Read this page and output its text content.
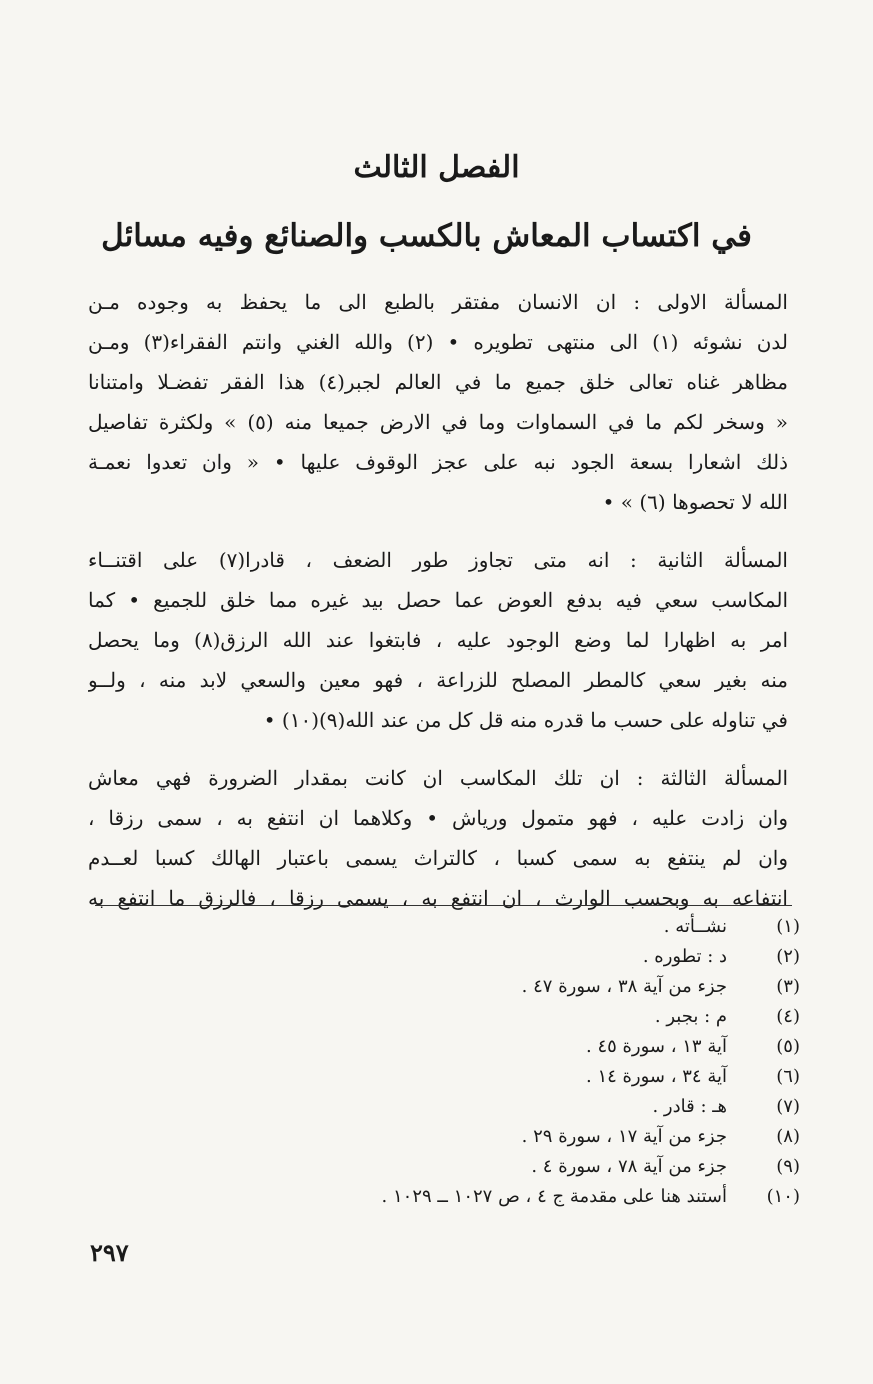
الفصل الثالث
في اكتساب المعاش بالكسب والصنائع وفيه مسائل

المسألة الاولى : ان الانسان مفتقر بالطبع الى ما يحفظ به وجوده مـن
لدن نشوئه (١) الى منتهى تطويره • (٢) والله الغني وانتم الفقراء(٣) ومـن
مظاهر غناه تعالى خلق جميع ما في العالم لجبر(٤) هذا الفقر تفضـلا وامتنانا
« وسخر لكم ما في السماوات وما في الارض جميعا منه (٥) » ولكثرة تفاصيل
ذلك اشعارا بسعة الجود نبه على عجز الوقوف عليها • « وان تعدوا نعمـة
الله لا تحصوها (٦) » •

المسألة الثانية : انه متى تجاوز طور الضعف ، قادرا(٧) على اقتنــاء
المكاسب سعي فيه بدفع العوض عما حصل بيد غيره مما خلق للجميع • كما
امر به اظهارا لما وضع الوجود عليه ، فابتغوا عند الله الرزق(٨) وما يحصل
منه بغير سعي كالمطر المصلح للزراعة ، فهو معين والسعي لابد منه ، ولــو
في تناوله على حسب ما قدره منه قل كل من عند الله(٩)(١٠) •

المسألة الثالثة : ان تلك المكاسب ان كانت بمقدار الضرورة فهي معاش
وان زادت عليه ، فهو متمول ورياش • وكلاهما ان انتفع به ، سمى رزقا ،
وان لم ينتفع به سمى كسبا ، كالتراث يسمى باعتبار الهالك كسبا لعــدم
انتفاعه به وبحسب الوارث ، ان انتفع به ، يسمى رزقا ، فالرزق ما انتفع به

(١)
نشــأته .
(٢)
د : تطوره .
(٣)
جزء من آية ٣٨ ، سورة ٤٧ .
(٤)
م : بجبر .
(٥)
آية ١٣ ، سورة ٤٥ .
(٦)
آية ٣٤ ، سورة ١٤ .
(٧)
هـ : قادر .
(٨)
جزء من آية ١٧ ، سورة ٢٩ .
(٩)
جزء من آية ٧٨ ، سورة ٤ .
(١٠)
أستند هنا على مقدمة ج ٤ ، ص ١٠٢٧ ــ ١٠٢٩ .
٢٩٧
